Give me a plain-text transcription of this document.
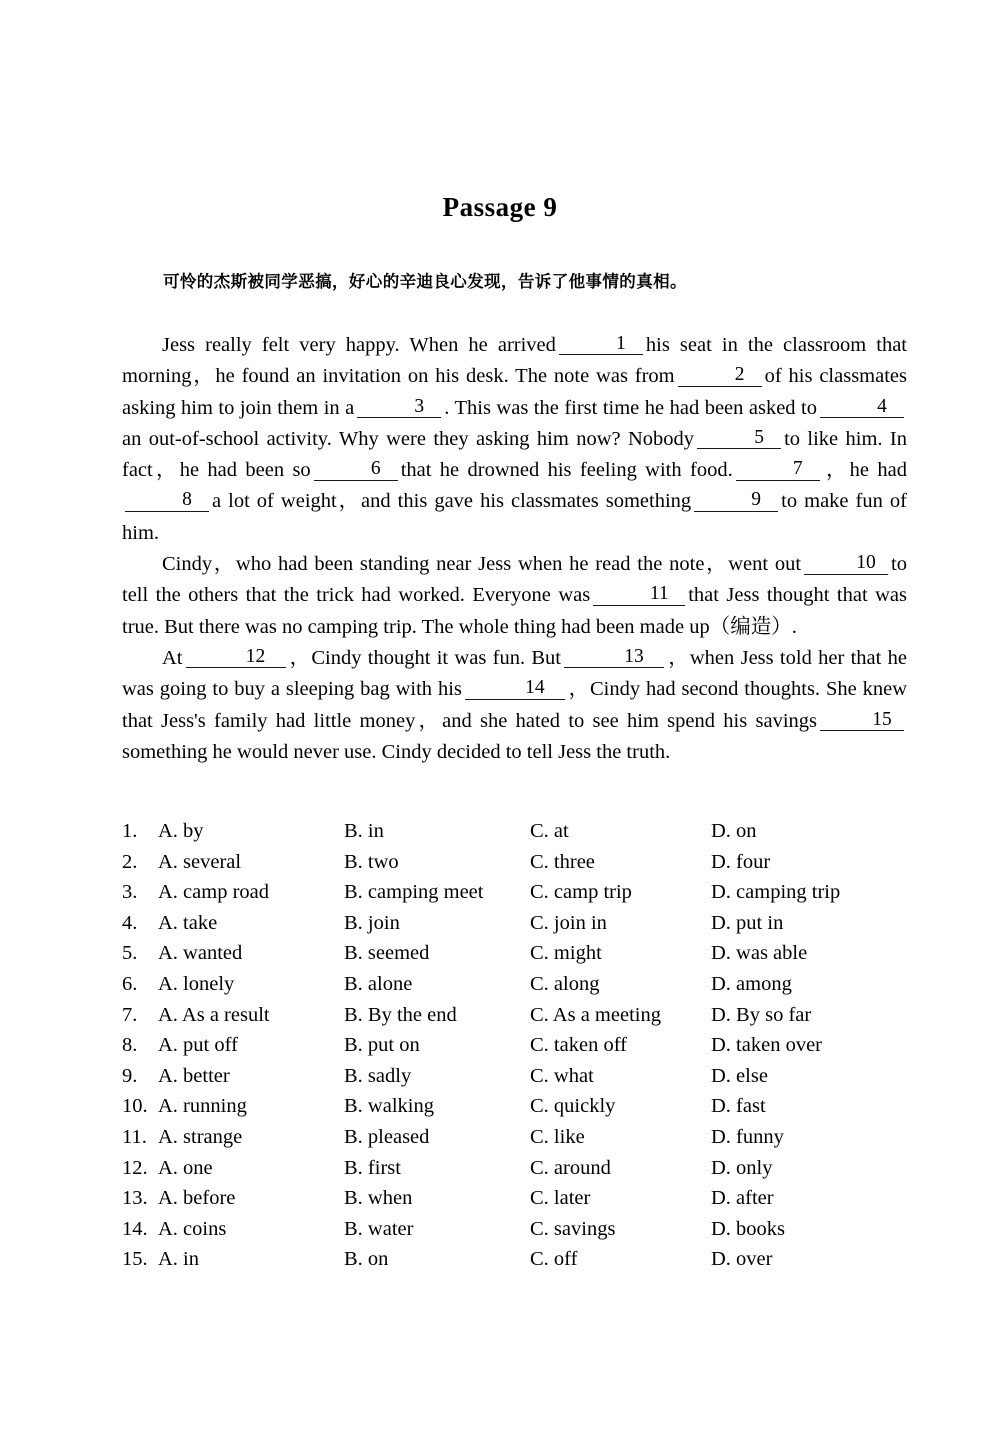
Passage 9
可怜的杰斯被同学恶搞，好心的辛迪良心发现，告诉了他事情的真相。

Jess really felt very happy. When he arrived	1 his seat in the classroom that morning，he found an invitation on his desk. The note was from	2 of his classmates asking him to join them in a	3 . This was the first time he had been asked to	4an out-of-school activity. Why were they asking him now? Nobody	5 to like him. In fact，he had been so	6 that he drowned his feeling with food.	7 ，he had8 a lot of weight，and this gave his classmates something	9 to make fun of him.

Cindy，who had been standing near Jess when he read the note，went out	10 to tell the others that the trick had worked. Everyone was	11 that Jess thought that was true. But there was no camping trip. The whole thing had been made up（编造）.

At	12 ，Cindy thought it was fun. But	13 ，when Jess told her that he was going to buy a sleeping bag with his	14 ，Cindy had second thoughts. She knew that Jess's family had little money，and she hated to see him spend his savings	15something he would never use. Cindy decided to tell Jess the truth.

1.	A. by	B. in	C. at	D. on
2.	A. several	B. two	C. three	D. four
3.	A. camp road	B. camping meet C. camp trip	D. camping trip
4.	A. take	B. join	C. join in	D. put in
5.	A. wanted	B. seemed	C. might	D. was able
6.	A. lonely	B. alone	C. along	D. among
7.	A. As a result	B. By the end	C. As a meeting D. By so far
8.	A. put off	B. put on	C. taken off	D. taken over
9.	A. better	B. sadly	C. what	D. else
10. A. running	B. walking	C. quickly	D. fast
11. A. strange	B. pleased	C. like	D. funny
12. A. one	B. first	C. around	D. only
13. A. before	B. when	C. later	D. after
14. A. coins	B. water	C. savings	D. books
15. A. in	B. on	C. off	D. over
